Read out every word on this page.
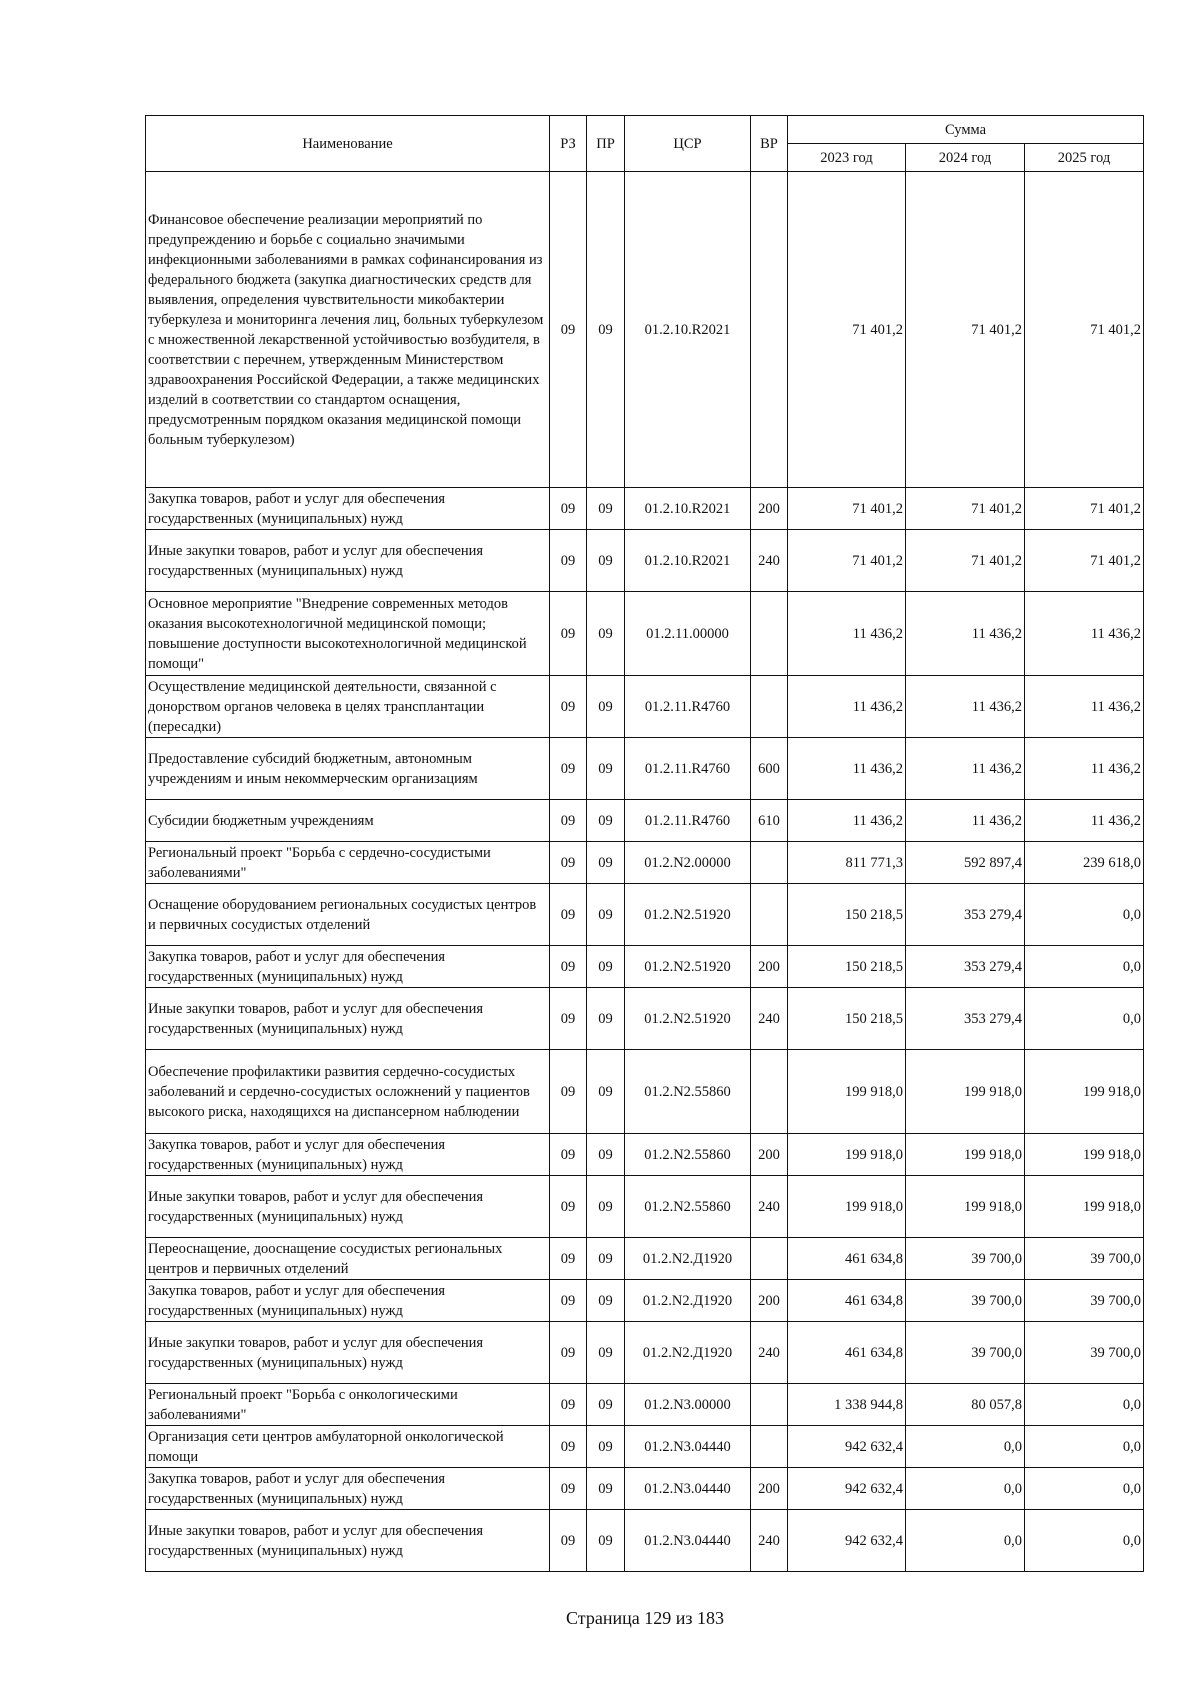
Наименование	РЗ	ПР	ЦСР	ВР	Сумма		
					2023 год	2024 год	2025 год
Финансовое обеспечение реализации мероприятий по предупреждению и борьбе с социально значимыми инфекционными заболеваниями в рамках софинансирования из федерального бюджета (закупка диагностических средств для выявления, определения чувствительности микобактерии туберкулеза и мониторинга лечения лиц, больных туберкулезом с множественной лекарственной устойчивостью возбудителя, в соответствии с перечнем, утвержденным Министерством здравоохранения Российской Федерации, а также медицинских изделий в соответствии со стандартом оснащения, предусмотренным порядком оказания медицинской помощи больным туберкулезом)	09	09	01.2.10.R2021		71 401,2	71 401,2	71 401,2
Закупка товаров, работ и услуг для обеспечения государственных (муниципальных) нужд	09	09	01.2.10.R2021	200	71 401,2	71 401,2	71 401,2
Иные закупки товаров, работ и услуг для обеспечения государственных (муниципальных) нужд	09	09	01.2.10.R2021	240	71 401,2	71 401,2	71 401,2
Основное мероприятие "Внедрение современных методов оказания высокотехнологичной медицинской помощи; повышение доступности высокотехнологичной медицинской помощи"	09	09	01.2.11.00000		11 436,2	11 436,2	11 436,2
Осуществление медицинской деятельности, связанной с донорством органов человека в целях трансплантации (пересадки)	09	09	01.2.11.R4760		11 436,2	11 436,2	11 436,2
Предоставление субсидий бюджетным, автономным учреждениям и иным некоммерческим организациям	09	09	01.2.11.R4760	600	11 436,2	11 436,2	11 436,2
Субсидии бюджетным учреждениям	09	09	01.2.11.R4760	610	11 436,2	11 436,2	11 436,2
Региональный проект "Борьба с сердечно-сосудистыми заболеваниями"	09	09	01.2.N2.00000		811 771,3	592 897,4	239 618,0
Оснащение оборудованием региональных сосудистых центров и первичных сосудистых отделений	09	09	01.2.N2.51920		150 218,5	353 279,4	0,0
Закупка товаров, работ и услуг для обеспечения государственных (муниципальных) нужд	09	09	01.2.N2.51920	200	150 218,5	353 279,4	0,0
Иные закупки товаров, работ и услуг для обеспечения государственных (муниципальных) нужд	09	09	01.2.N2.51920	240	150 218,5	353 279,4	0,0
Обеспечение профилактики развития сердечно-сосудистых заболеваний и сердечно-сосудистых осложнений у пациентов высокого риска, находящихся на диспансерном наблюдении	09	09	01.2.N2.55860		199 918,0	199 918,0	199 918,0
Закупка товаров, работ и услуг для обеспечения государственных (муниципальных) нужд	09	09	01.2.N2.55860	200	199 918,0	199 918,0	199 918,0
Иные закупки товаров, работ и услуг для обеспечения государственных (муниципальных) нужд	09	09	01.2.N2.55860	240	199 918,0	199 918,0	199 918,0
Переоснащение, дооснащение сосудистых региональных центров и первичных отделений	09	09	01.2.N2.Д1920		461 634,8	39 700,0	39 700,0
Закупка товаров, работ и услуг для обеспечения государственных (муниципальных) нужд	09	09	01.2.N2.Д1920	200	461 634,8	39 700,0	39 700,0
Иные закупки товаров, работ и услуг для обеспечения государственных (муниципальных) нужд	09	09	01.2.N2.Д1920	240	461 634,8	39 700,0	39 700,0
Региональный проект "Борьба с онкологическими заболеваниями"	09	09	01.2.N3.00000		1 338 944,8	80 057,8	0,0
Организация сети центров амбулаторной онкологической помощи	09	09	01.2.N3.04440		942 632,4	0,0	0,0
Закупка товаров, работ и услуг для обеспечения государственных (муниципальных) нужд	09	09	01.2.N3.04440	200	942 632,4	0,0	0,0
Иные закупки товаров, работ и услуг для обеспечения государственных (муниципальных) нужд	09	09	01.2.N3.04440	240	942 632,4	0,0	0,0
Страница 129 из 183
